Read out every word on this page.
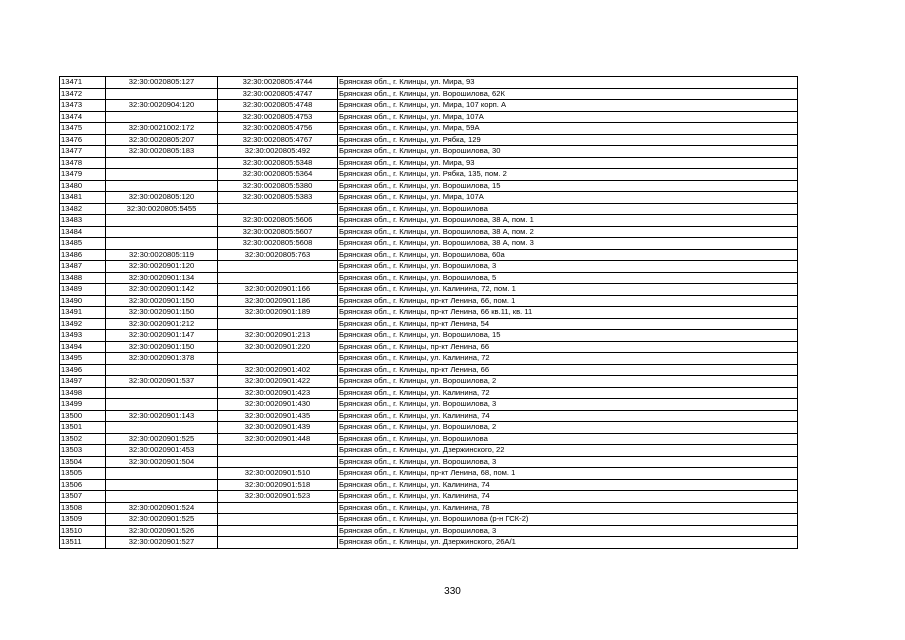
13471	32:30:0020805:127	32:30:0020805:4744	Брянская обл., г. Клинцы, ул. Мира, 93
13472		32:30:0020805:4747	Брянская обл., г. Клинцы, ул. Ворошилова, 62К
13473	32:30:0020904:120	32:30:0020805:4748	Брянская обл., г. Клинцы, ул. Мира, 107 корп. А
13474		32:30:0020805:4753	Брянская обл., г. Клинцы, ул. Мира, 107А
13475	32:30:0021002:172	32:30:0020805:4756	Брянская обл., г. Клинцы, ул. Мира, 59А
13476	32:30:0020805:207	32:30:0020805:4767	Брянская обл., г. Клинцы, ул. Рябка, 129
13477	32:30:0020805:183	32:30:0020805:492	Брянская обл., г. Клинцы, ул. Ворошилова, 30
13478		32:30:0020805:5348	Брянская обл., г. Клинцы, ул. Мира, 93
13479		32:30:0020805:5364	Брянская обл., г. Клинцы, ул. Рябка, 135, пом. 2
13480		32:30:0020805:5380	Брянская обл., г. Клинцы, ул. Ворошилова, 15
13481	32:30:0020805:120	32:30:0020805:5383	Брянская обл., г. Клинцы, ул. Мира, 107А
13482	32:30:0020805:5455		Брянская обл., г. Клинцы, ул. Ворошилова
13483		32:30:0020805:5606	Брянская обл., г. Клинцы, ул. Ворошилова, 38 А, пом. 1
13484		32:30:0020805:5607	Брянская обл., г. Клинцы, ул. Ворошилова, 38 А, пом. 2
13485		32:30:0020805:5608	Брянская обл., г. Клинцы, ул. Ворошилова, 38 А, пом. 3
13486	32:30:0020805:119	32:30:0020805:763	Брянская обл., г. Клинцы, ул. Ворошилова, 60а
13487	32:30:0020901:120		Брянская обл., г. Клинцы, ул. Ворошилова, 3
13488	32:30:0020901:134		Брянская обл., г. Клинцы, ул. Ворошилова, 5
13489	32:30:0020901:142	32:30:0020901:166	Брянская обл., г. Клинцы, ул. Калинина, 72, пом. 1
13490	32:30:0020901:150	32:30:0020901:186	Брянская обл., г. Клинцы, пр-кт Ленина, 66, пом. 1
13491	32:30:0020901:150	32:30:0020901:189	Брянская обл., г. Клинцы, пр-кт Ленина, 66 кв.11, кв. 11
13492	32:30:0020901:212		Брянская обл., г. Клинцы, пр-кт Ленина, 54
13493	32:30:0020901:147	32:30:0020901:213	Брянская обл., г. Клинцы, ул. Ворошилова, 15
13494	32:30:0020901:150	32:30:0020901:220	Брянская обл., г. Клинцы, пр-кт Ленина, 66
13495	32:30:0020901:378		Брянская обл., г. Клинцы, ул. Калинина, 72
13496		32:30:0020901:402	Брянская обл., г. Клинцы, пр-кт Ленина, 66
13497	32:30:0020901:537	32:30:0020901:422	Брянская обл., г. Клинцы, ул. Ворошилова, 2
13498		32:30:0020901:423	Брянская обл., г. Клинцы, ул. Калинина, 72
13499		32:30:0020901:430	Брянская обл., г. Клинцы, ул. Ворошилова, 3
13500	32:30:0020901:143	32:30:0020901:435	Брянская обл., г. Клинцы, ул. Калинина, 74
13501		32:30:0020901:439	Брянская обл., г. Клинцы, ул. Ворошилова, 2
13502	32:30:0020901:525	32:30:0020901:448	Брянская обл., г. Клинцы, ул. Ворошилова
13503	32:30:0020901:453		Брянская обл., г. Клинцы, ул. Дзержинского, 22
13504	32:30:0020901:504		Брянская обл., г. Клинцы, ул. Ворошилова, 3
13505		32:30:0020901:510	Брянская обл., г. Клинцы, пр-кт Ленина, 68, пом. 1
13506		32:30:0020901:518	Брянская обл., г. Клинцы, ул. Калинина, 74
13507		32:30:0020901:523	Брянская обл., г. Клинцы, ул. Калинина, 74
13508	32:30:0020901:524		Брянская обл., г. Клинцы, ул. Калинина, 78
13509	32:30:0020901:525		Брянская обл., г. Клинцы, ул. Ворошилова (р-н ГСК-2)
13510	32:30:0020901:526		Брянская обл., г. Клинцы, ул. Ворошилова, 3
13511	32:30:0020901:527		Брянская обл., г. Клинцы, ул. Дзержинского, 26А/1
330
